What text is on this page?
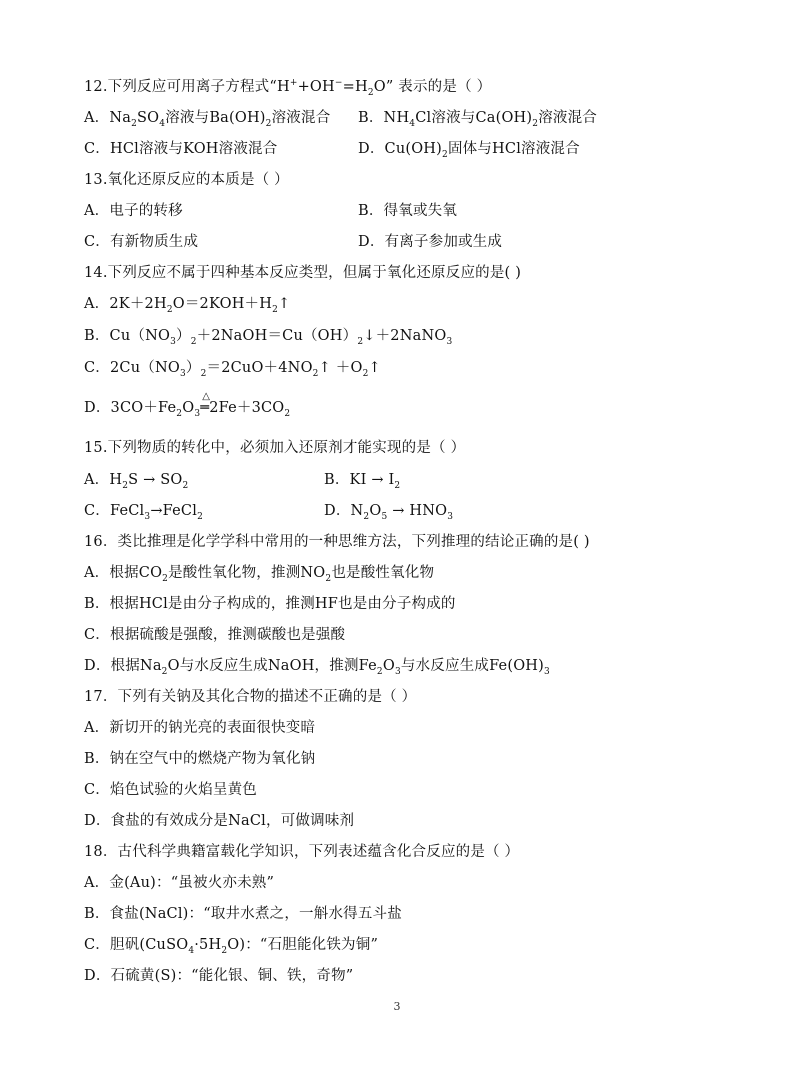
12.下列反应可用离子方程式“$H^++OH^-=H_2O$” 表示的是（ ）
A．$Na_2SO_4$溶液与$Ba(OH)_2$溶液混合 B．$NH_4Cl$溶液与$Ca(OH)_2$溶液混合
C．HCl溶液与KOH溶液混合	D．$Cu(OH)_2$固体与HCl溶液混合
13.氧化还原反应的本质是（ ）
A．电子的转移	B．得氧或失氧
C．有新物质生成	D．有离子参加或生成
14.下列反应不属于四种基本反应类型，但属于氧化还原反应的是( )
A．$2K+2H_2O=2KOH+H_2↑$
B．$Cu(NO_3)_2+2NaOH=Cu(OH)_2↓+2NaNO_3$
C．$2Cu(NO_3)_2=2CuO+4NO_2↑$ $+O_2↑$
D．$3CO+Fe_2O_3$
△
$═2Fe+3CO_2$
15.下列物质的转化中，必须加入还原剂才能实现的是（ ）
A．$H_2S \to SO_2$	B．KI → $I_2$
C．FeCl$_3$→FeCl$_2$	D．$N_2O_5 \to HNO_3$
16．类比推理是化学学科中常用的一种思维方法，下列推理的结论正确的是( )
A．根据$CO_2$是酸性氧化物，推测$NO_2$也是酸性氧化物
B．根据HCl是由分子构成的，推测HF也是由分子构成的
C．根据硫酸是强酸，推测碳酸也是强酸
D．根据$Na_2O$与水反应生成NaOH，推测$Fe_2O_3$与水反应生成$Fe(OH)_3$
17．下列有关钠及其化合物的描述不正确的是（ ）
A．新切开的钠光亮的表面很快变暗
B．钠在空气中的燃烧产物为氧化钠
C．焰色试验的火焰呈黄色
D．食盐的有效成分是NaCl，可做调味剂
18．古代科学典籍富载化学知识，下列表述蕴含化合反应的是（ ）
A．金(Au)：“虽被火亦未熟”
B．食盐(NaCl)：“取井水煮之，一斛水得五斗盐
C．胆矾$(CuSO_4\cdot 5H_2O)$：“石胆能化铁为铜”
D．石硫黄(S)：“能化银、铜、铁，奇物”
3
